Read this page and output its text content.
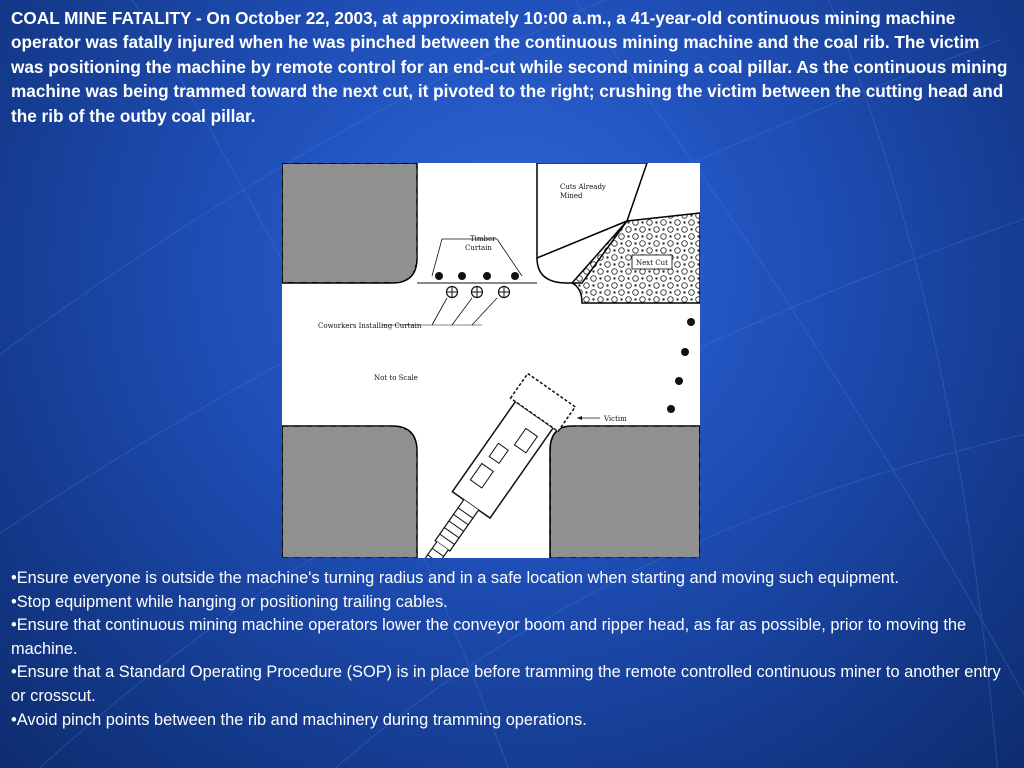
COAL MINE FATALITY - On October 22, 2003, at approximately 10:00 a.m., a 41-year-old continuous mining machine operator was fatally injured when he was pinched between the continuous mining machine and the coal rib. The victim was positioning the machine by remote control for an end-cut while second mining a coal pillar. As the continuous mining machine was being trammed toward the next cut, it pivoted to the right; crushing the victim between the cutting head and the rib of the outby coal pillar.

Cuts Already
Mined
Timber
Curtain
Next Cut
Coworkers Installing Curtain
Not to Scale
Victim
•Ensure everyone is outside the machine's turning radius and in a safe location when starting and moving such equipment.
•Stop equipment while hanging or positioning trailing cables.
•Ensure that continuous mining machine operators lower the conveyor boom and ripper head, as far as possible, prior to moving the machine.
•Ensure that a Standard Operating Procedure (SOP) is in place before tramming the remote controlled continuous miner to another entry or crosscut.
•Avoid pinch points between the rib and machinery during tramming operations.
